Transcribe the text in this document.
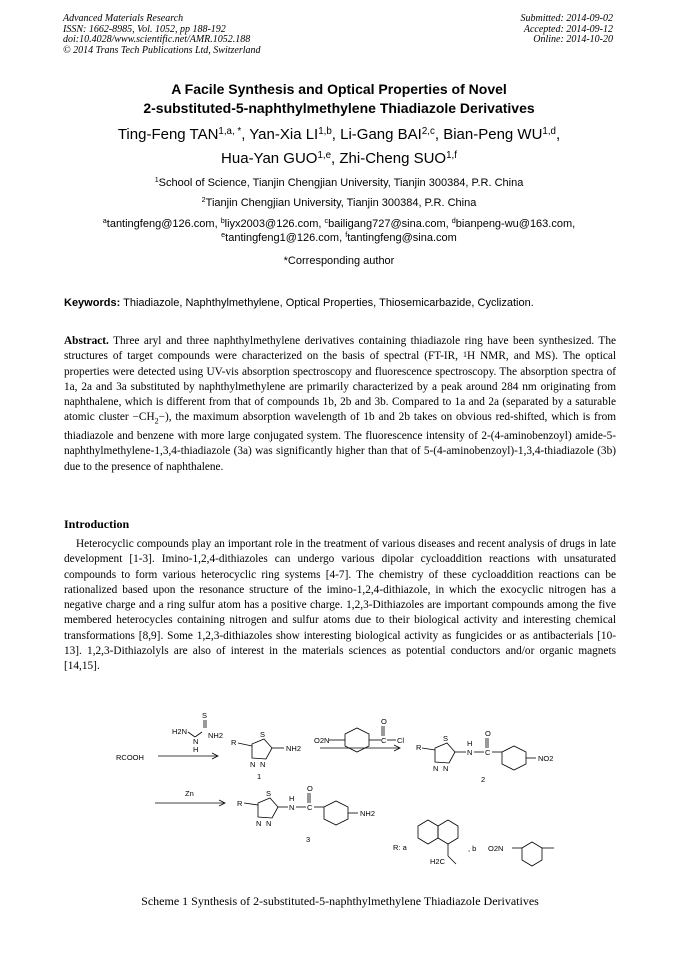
Advanced Materials Research
ISSN: 1662-8985, Vol. 1052, pp 188-192
doi:10.4028/www.scientific.net/AMR.1052.188
© 2014 Trans Tech Publications Ltd, Switzerland
Submitted: 2014-09-02
Accepted: 2014-09-12
Online: 2014-10-20
A Facile Synthesis and Optical Properties of Novel
2-substituted-5-naphthylmethylene Thiadiazole Derivatives
Ting-Feng $TAN^{1,a, *}$, Yan-Xia LI$^{1,b}$, Li-Gang BAI$^{2,c}$, Bian-Peng WU$^{1,d}$,
Hua-Yan GUO$^{1,e}$, Zhi-Cheng SUO$^{1,f}$
$^1$School of Science, Tianjin Chengjian University, Tianjin 300384, P.R. China
$^2$Tianjin Chengjian University, Tianjin 300384, P.R. China
$^a$tantingfeng@126.com, $^b$liyx2003@126.com, $^c$bailigang727@sina.com, $^d$bianpeng-wu@163.com,
$^e$tantingfeng1@126.com, $^f$tantingfeng@sina.com
*Corresponding author
Keywords: Thiadiazole, Naphthylmethylene, Optical Properties, Thiosemicarbazide, Cyclization.
Abstract. Three aryl and three naphthylmethylene derivatives containing thiadiazole ring have been synthesized. The structures of target compounds were characterized on the basis of spectral (FT-IR, $^1$H NMR, and MS). The optical properties were detected using UV-vis absorption spectroscopy and fluorescence spectroscopy. The absorption spectra of 1a, 2a and 3a substituted by naphthylmethylene are primarily characterized by a peak around 284 nm originating from naphthalene, which is different from that of compounds 1b, 2b and 3b. Compared to 1a and 2a (separated by a saturable atomic cluster $-CH_2-$), the maximum absorption wavelength of 1b and 2b takes on obvious red-shifted, which is from thiadiazole and benzene with more large conjugated system. The fluorescence intensity of 2-(4-aminobenzoyl) amide-5-naphthylmethylene-1,3,4-thiadiazole (3a) was significantly higher than that of 5-(4-aminobenzoyl)-1,3,4-thiadiazole (3b) due to the presence of naphthalene.
Introduction
Heterocyclic compounds play an important role in the treatment of various diseases and recent analysis of drugs in late development [1-3]. Imino-1,2,4-dithiazoles can undergo various dipolar cycloaddition reactions with unsaturated compounds to form various heterocyclic ring systems [4-7]. The chemistry of these cycloaddition reactions can be rationalized based upon the resonance structure of the imino-1,2,4-dithiazole, in which the exocyclic nitrogen has a negative charge and a ring sulfur atom has a positive charge. 1,2,3-Dithiazoles are important compounds among the five membered heterocycles containing nitrogen and sulfur atoms due to their biological activity and interesting chemical transformations [8,9]. Some 1,2,3-dithiazoles show interesting biological activity as fungicides or as antibacterials [10-13]. 1,2,3-Dithiazolyls are also of interest in the materials sciences as potential conductors and/or organic magnets [14,15].
RCOOH
H2N
N
H
S
NH2
R
S
NH2
N N
1
O2N
O
C Cl
R
S
N N
H
N
O
C
NO2
2
Zn
R
S
N N
H
N
O
C
NH2
3
R: a
H2C
, b O2N
Scheme 1 Synthesis of 2-substituted-5-naphthylmethylene Thiadiazole Derivatives
